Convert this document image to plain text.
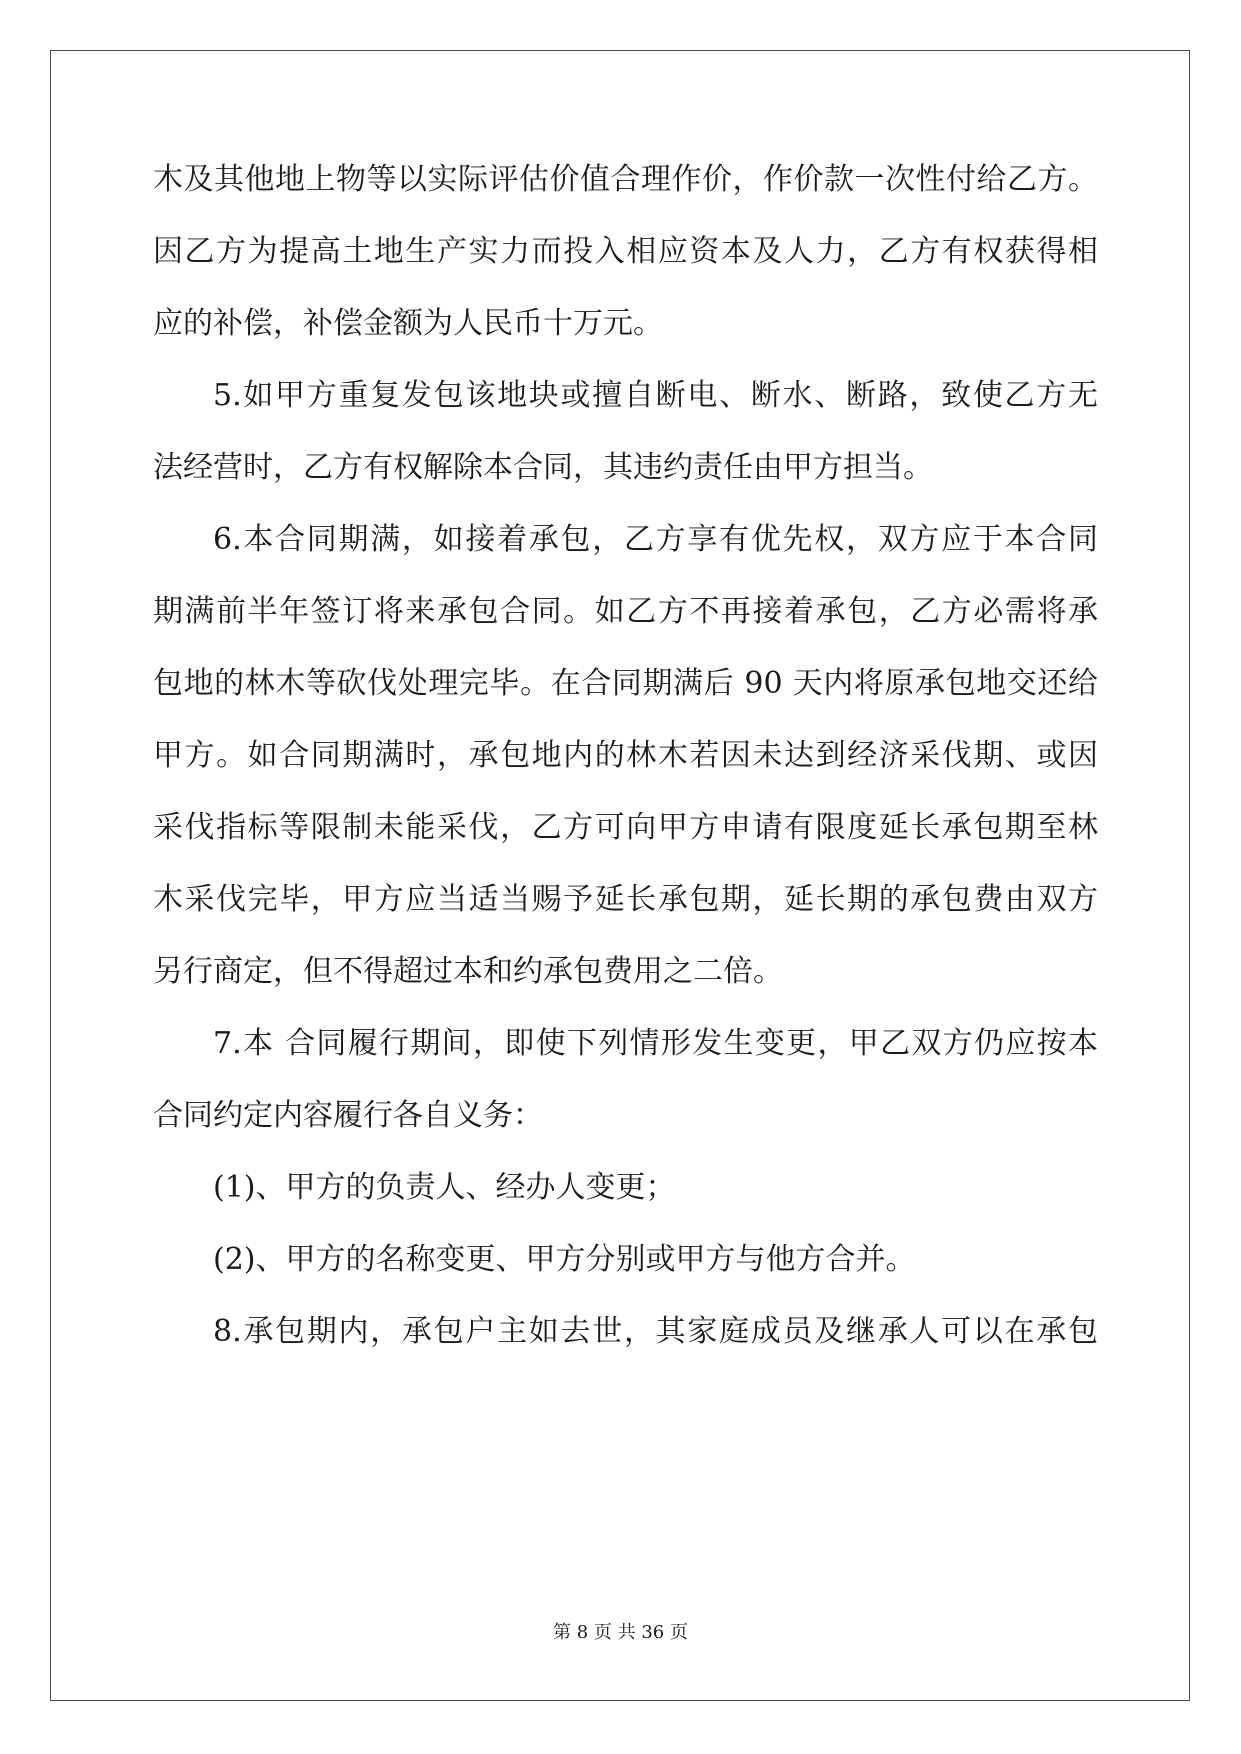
木及其他地上物等以实际评估价值合理作价，作价款一次性付给乙方。
因乙方为提高土地生产实力而投入相应资本及人力，乙方有权获得相
应的补偿，补偿金额为人民币十万元。
5.如甲方重复发包该地块或擅自断电、断水、断路，致使乙方无
法经营时，乙方有权解除本合同，其违约责任由甲方担当。
6.本合同期满，如接着承包，乙方享有优先权，双方应于本合同
期满前半年签订将来承包合同。如乙方不再接着承包，乙方必需将承
包地的林木等砍伐处理完毕。在合同期满后 90 天内将原承包地交还给
甲方。如合同期满时，承包地内的林木若因未达到经济采伐期、或因
采伐指标等限制未能采伐，乙方可向甲方申请有限度延长承包期至林
木采伐完毕，甲方应当适当赐予延长承包期，延长期的承包费由双方
另行商定，但不得超过本和约承包费用之二倍。
7.本 合同履行期间，即使下列情形发生变更，甲乙双方仍应按本
合同约定内容履行各自义务：
(1)、甲方的负责人、经办人变更；
(2)、甲方的名称变更、甲方分别或甲方与他方合并。
8.承包期内，承包户主如去世，其家庭成员及继承人可以在承包
第 8 页 共 36 页
